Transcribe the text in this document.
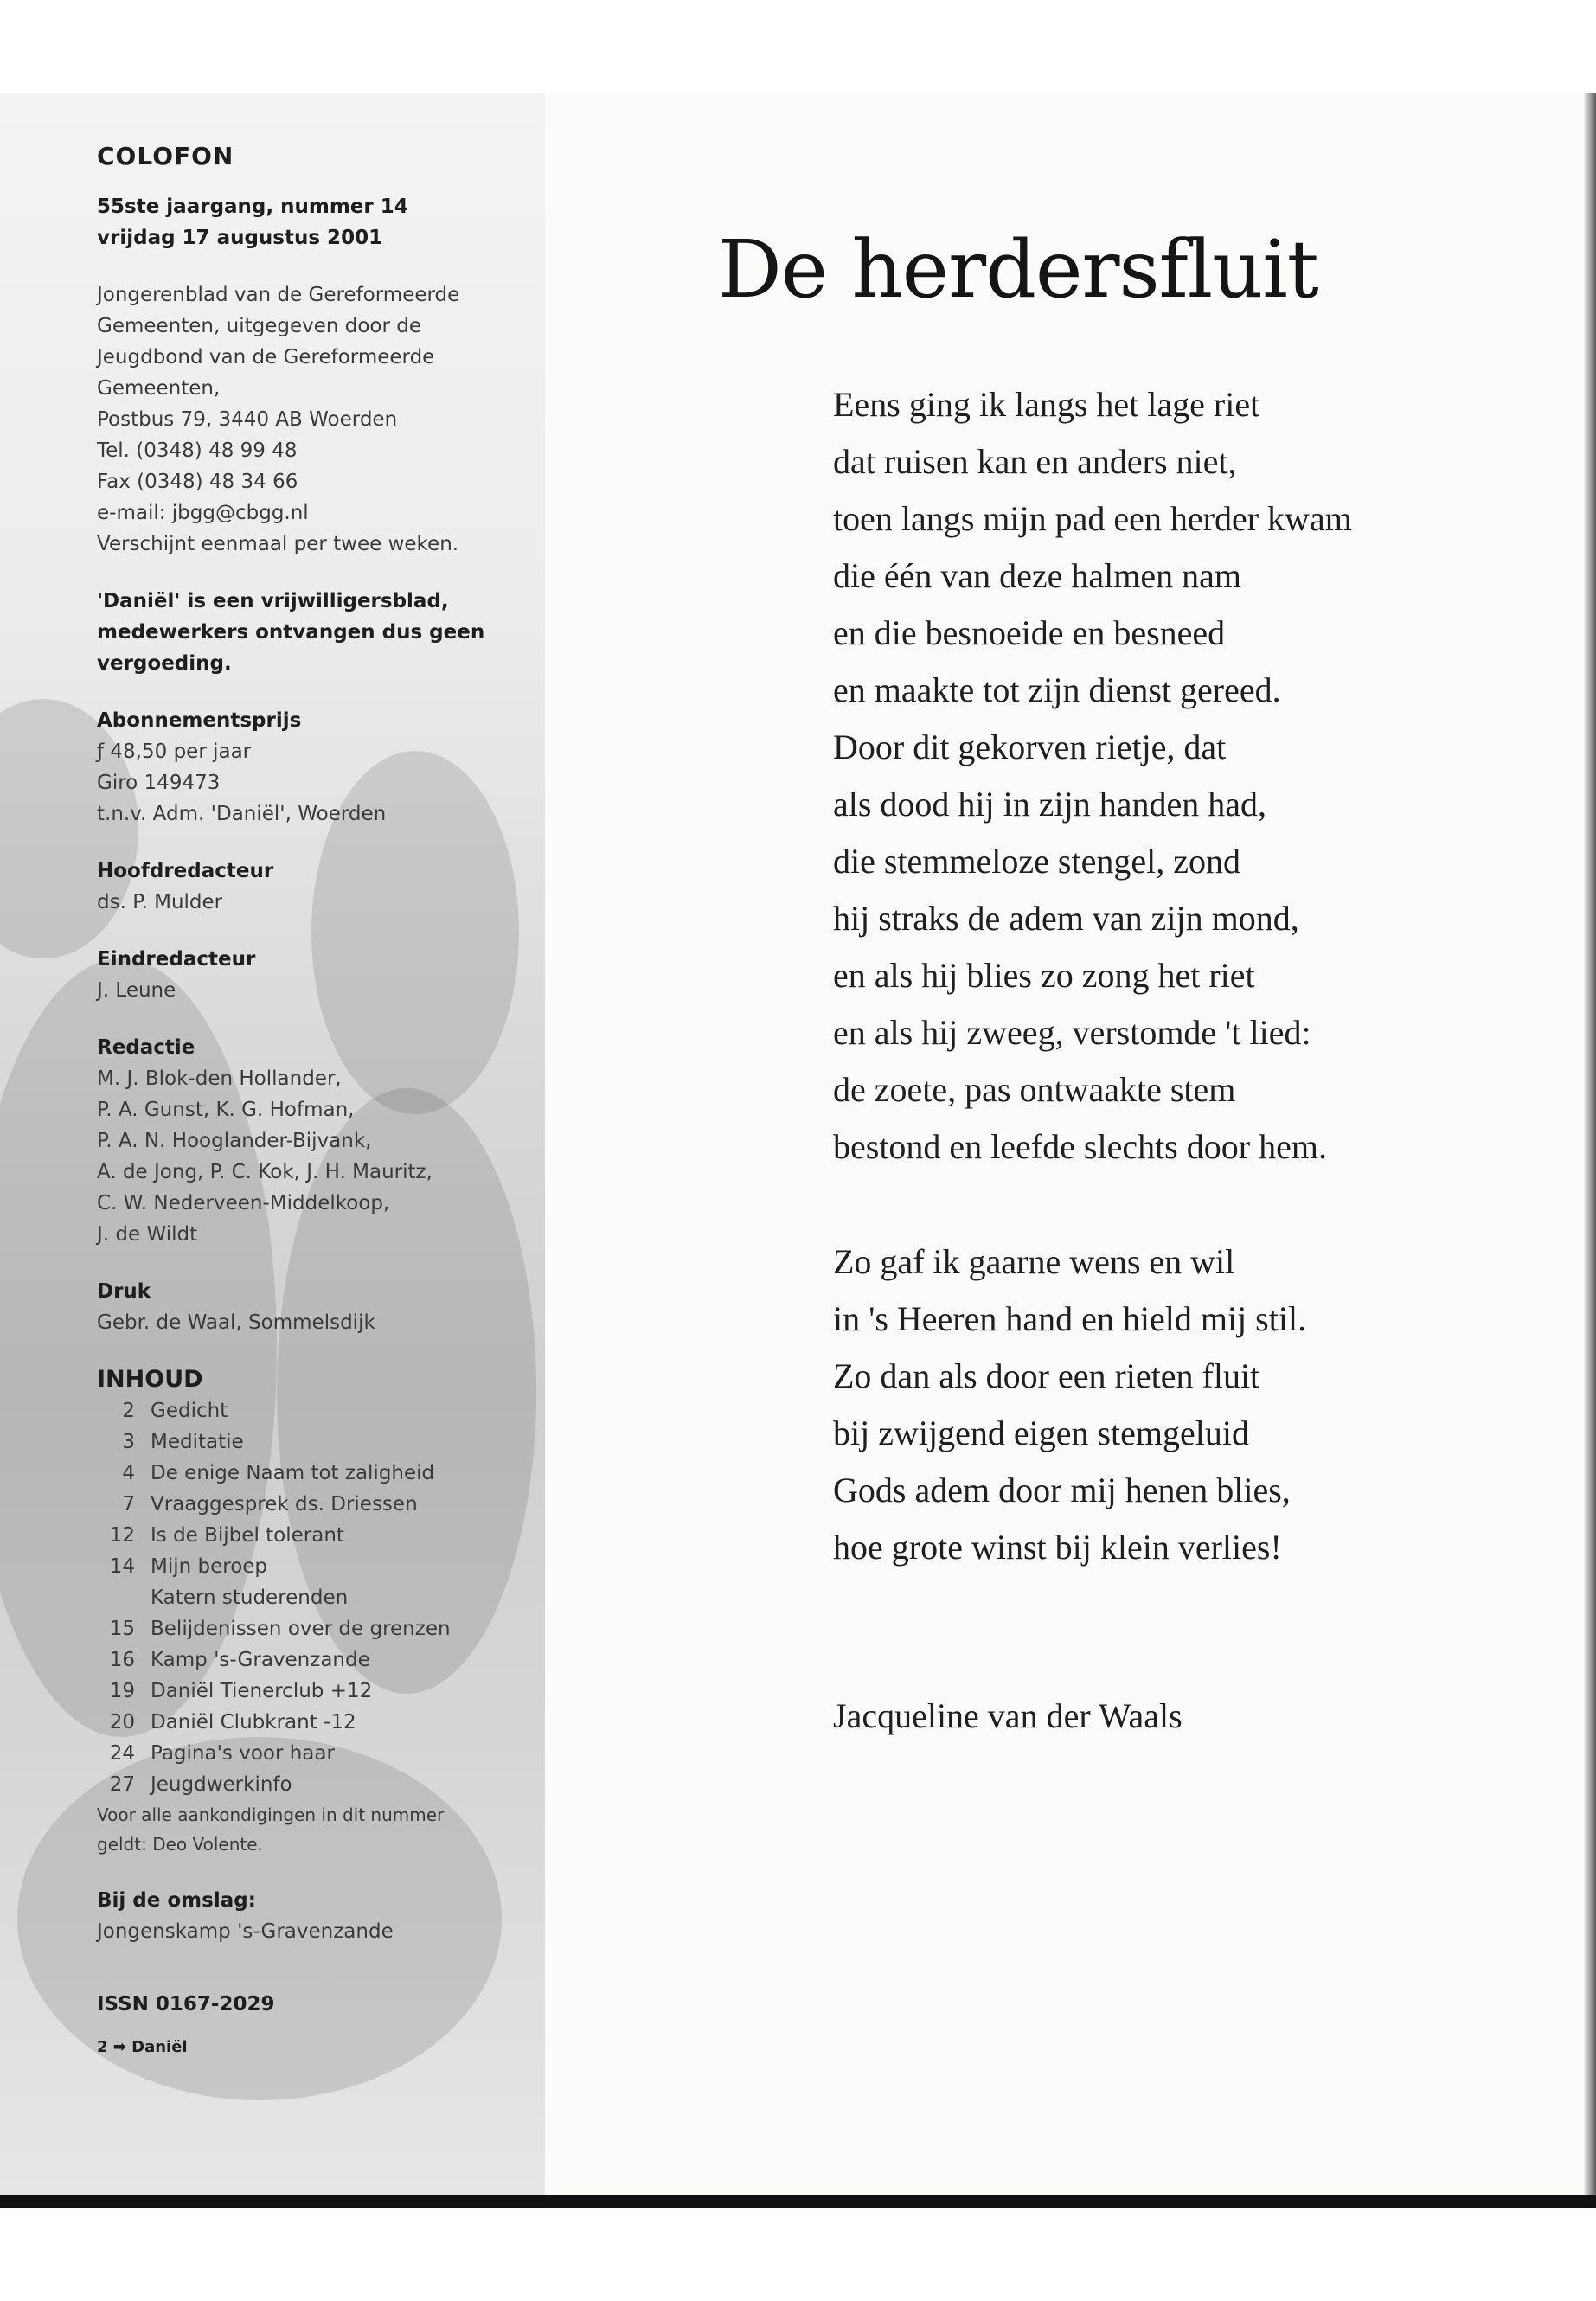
COLOFON
55ste jaargang, nummer 14
vrijdag 17 augustus 2001
Jongerenblad van de Gereformeerde
Gemeenten, uitgegeven door de
Jeugdbond van de Gereformeerde
Gemeenten,
Postbus 79, 3440 AB Woerden
Tel. (0348) 48 99 48
Fax (0348) 48 34 66
e-mail: jbgg@cbgg.nl
Verschijnt eenmaal per twee weken.
'Daniël' is een vrijwilligersblad,
medewerkers ontvangen dus geen
vergoeding.
Abonnementsprijs
ƒ 48,50 per jaar
Giro 149473
t.n.v. Adm. 'Daniël', Woerden
Hoofdredacteur
ds. P. Mulder
Eindredacteur
J. Leune
Redactie
M. J. Blok-den Hollander,
P. A. Gunst, K. G. Hofman,
P. A. N. Hooglander-Bijvank,
A. de Jong, P. C. Kok, J. H. Mauritz,
C. W. Nederveen-Middelkoop,
J. de Wildt
Druk
Gebr. de Waal, Sommelsdijk
INHOUD
2 Gedicht
3 Meditatie
4 De enige Naam tot zaligheid
7 Vraaggesprek ds. Driessen
12 Is de Bijbel tolerant
14 Mijn beroep
Katern studerenden
15 Belijdenissen over de grenzen
16 Kamp 's-Gravenzande
19 Daniël Tienerclub +12
20 Daniël Clubkrant -12
24 Pagina's voor haar
27 Jeugdwerkinfo
Voor alle aankondigingen in dit nummer
geldt: Deo Volente.
Bij de omslag:
Jongenskamp 's-Gravenzande
ISSN 0167-2029
2 ➡ Daniël
De herdersfluit
Eens ging ik langs het lage riet
dat ruisen kan en anders niet,
toen langs mijn pad een herder kwam
die één van deze halmen nam
en die besnoeide en besneed
en maakte tot zijn dienst gereed.
Door dit gekorven rietje, dat
als dood hij in zijn handen had,
die stemmeloze stengel, zond
hij straks de adem van zijn mond,
en als hij blies zo zong het riet
en als hij zweeg, verstomde 't lied:
de zoete, pas ontwaakte stem
bestond en leefde slechts door hem.
Zo gaf ik gaarne wens en wil
in 's Heeren hand en hield mij stil.
Zo dan als door een rieten fluit
bij zwijgend eigen stemgeluid
Gods adem door mij henen blies,
hoe grote winst bij klein verlies!
Jacqueline van der Waals
